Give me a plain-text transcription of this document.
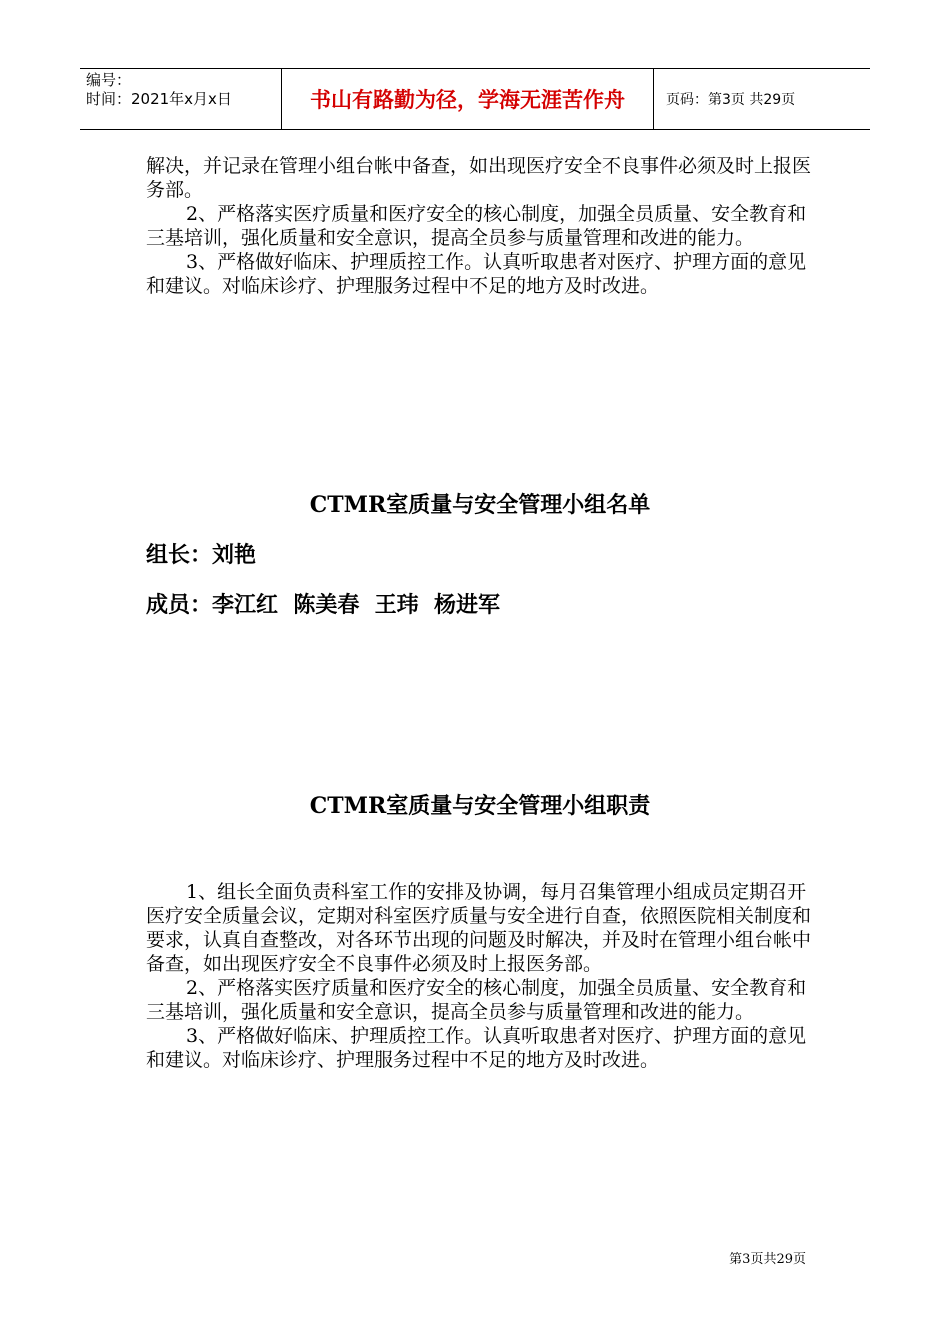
编号：
时间：2021年x月x日	书山有路勤为径，学海无涯苦作舟	页码：第3页 共29页

解决，并记录在管理小组台帐中备查，如出现医疗安全不良事件必须及时上报医务部。

2、严格落实医疗质量和医疗安全的核心制度，加强全员质量、安全教育和三基培训，强化质量和安全意识，提高全员参与质量管理和改进的能力。

3、严格做好临床、护理质控工作。认真听取患者对医疗、护理方面的意见和建议。对临床诊疗、护理服务过程中不足的地方及时改进。

CTMR室质量与安全管理小组名单
组长：刘艳
成员：李江红  陈美春  王玮  杨进军
CTMR室质量与安全管理小组职责

1、组长全面负责科室工作的安排及协调，每月召集管理小组成员定期召开医疗安全质量会议，定期对科室医疗质量与安全进行自查，依照医院相关制度和要求，认真自查整改，对各环节出现的问题及时解决，并及时在管理小组台帐中备查，如出现医疗安全不良事件必须及时上报医务部。

2、严格落实医疗质量和医疗安全的核心制度，加强全员质量、安全教育和三基培训，强化质量和安全意识，提高全员参与质量管理和改进的能力。

3、严格做好临床、护理质控工作。认真听取患者对医疗、护理方面的意见和建议。对临床诊疗、护理服务过程中不足的地方及时改进。

第3页共29页
